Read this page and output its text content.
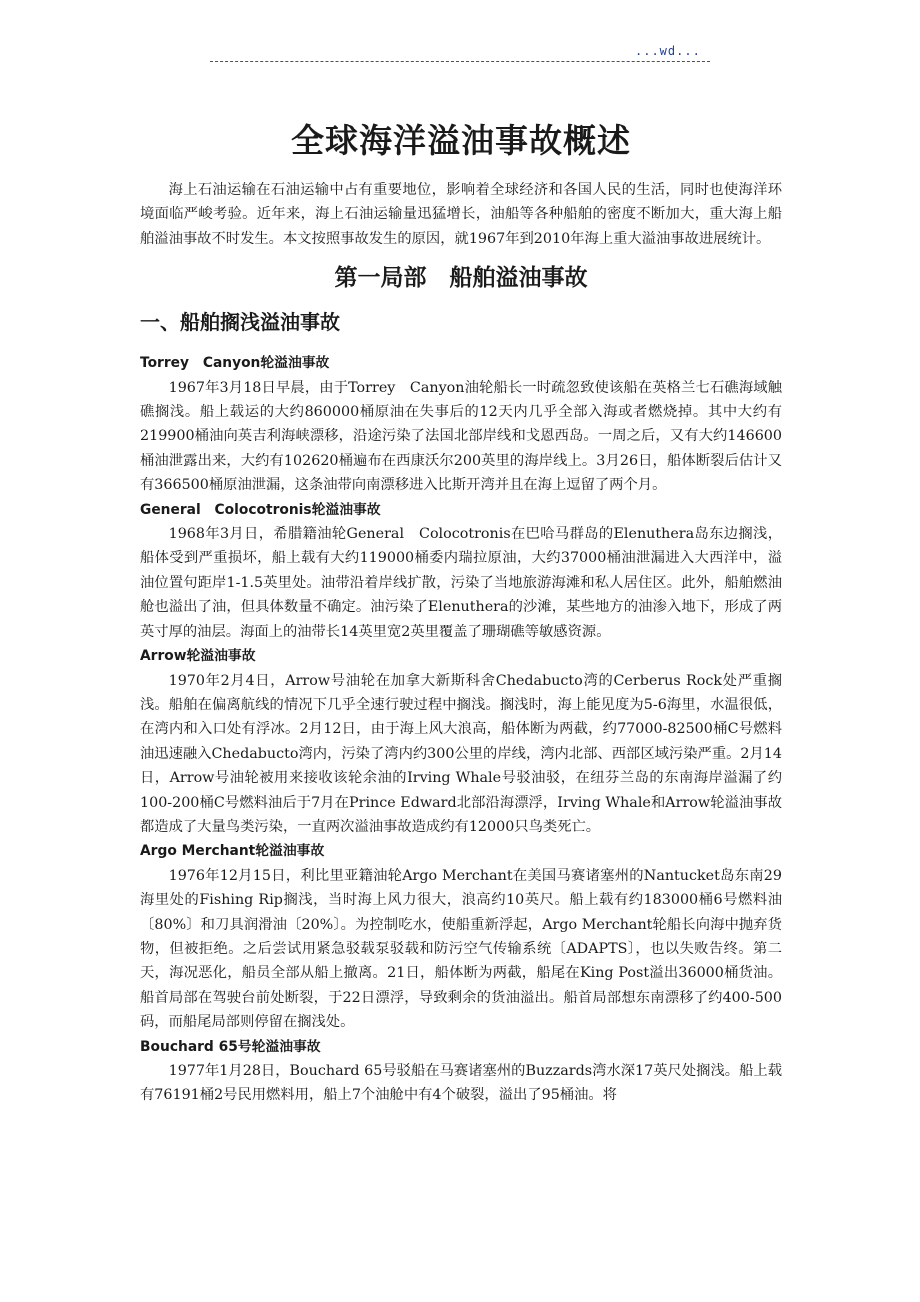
...wd...
全球海洋溢油事故概述

海上石油运输在石油运输中占有重要地位，影响着全球经济和各国人民的生活，同时也使海洋环境面临严峻考验。近年来，海上石油运输量迅猛增长，油船等各种船舶的密度不断加大，重大海上船舶溢油事故不时发生。本文按照事故发生的原因，就1967年到2010年海上重大溢油事故进展统计。

第一局部　船舶溢油事故
一、船舶搁浅溢油事故
Torrey　Canyon轮溢油事故

1967年3月18日早晨，由于Torrey　Canyon油轮船长一时疏忽致使该船在英格兰七石礁海域触礁搁浅。船上载运的大约860000桶原油在失事后的12天内几乎全部入海或者燃烧掉。其中大约有219900桶油向英吉利海峡漂移，沿途污染了法国北部岸线和戈恩西岛。一周之后，又有大约146600桶油泄露出来，大约有102620桶遍布在西康沃尔200英里的海岸线上。3月26日，船体断裂后估计又有366500桶原油泄漏，这条油带向南漂移进入比斯开湾并且在海上逗留了两个月。

General　Colocotronis轮溢油事故

1968年3月日，希腊籍油轮General　Colocotronis在巴哈马群岛的Elenuthera岛东边搁浅，船体受到严重损坏，船上载有大约119000桶委内瑞拉原油，大约37000桶油泄漏进入大西洋中，溢油位置句距岸1-1.5英里处。油带沿着岸线扩散，污染了当地旅游海滩和私人居住区。此外，船舶燃油舱也溢出了油，但具体数量不确定。油污染了Elenuthera的沙滩，某些地方的油渗入地下，形成了两英寸厚的油层。海面上的油带长14英里宽2英里覆盖了珊瑚礁等敏感资源。

Arrow轮溢油事故

1970年2月4日，Arrow号油轮在加拿大新斯科舍Chedabucto湾的Cerberus Rock处严重搁浅。船舶在偏离航线的情况下几乎全速行驶过程中搁浅。搁浅时，海上能见度为5-6海里，水温很低，在湾内和入口处有浮冰。2月12日，由于海上风大浪高，船体断为两截，约77000-82500桶C号燃料油迅速融入Chedabucto湾内，污染了湾内约300公里的岸线，湾内北部、西部区域污染严重。2月14日，Arrow号油轮被用来接收该轮余油的Irving Whale号驳油驳，在纽芬兰岛的东南海岸溢漏了约100-200桶C号燃料油后于7月在Prince Edward北部沿海漂浮，Irving Whale和Arrow轮溢油事故都造成了大量鸟类污染，一直两次溢油事故造成约有12000只鸟类死亡。

Argo Merchant轮溢油事故

1976年12月15日，利比里亚籍油轮Argo Merchant在美国马赛诸塞州的Nantucket岛东南29海里处的Fishing Rip搁浅，当时海上风力很大，浪高约10英尺。船上载有约183000桶6号燃料油〔80%〕和刀具润滑油〔20%〕。为控制吃水，使船重新浮起，Argo Merchant轮船长向海中抛弃货物，但被拒绝。之后尝试用紧急驳载泵驳载和防污空气传输系统〔ADAPTS〕，也以失败告终。第二天，海况恶化，船员全部从船上撤离。21日，船体断为两截，船尾在King Post溢出36000桶货油。船首局部在驾驶台前处断裂，于22日漂浮，导致剩余的货油溢出。船首局部想东南漂移了约400-500码，而船尾局部则停留在搁浅处。

Bouchard 65号轮溢油事故

1977年1月28日，Bouchard 65号驳船在马赛诸塞州的Buzzards湾水深17英尺处搁浅。船上载有76191桶2号民用燃料用，船上7个油舱中有4个破裂，溢出了95桶油。将
